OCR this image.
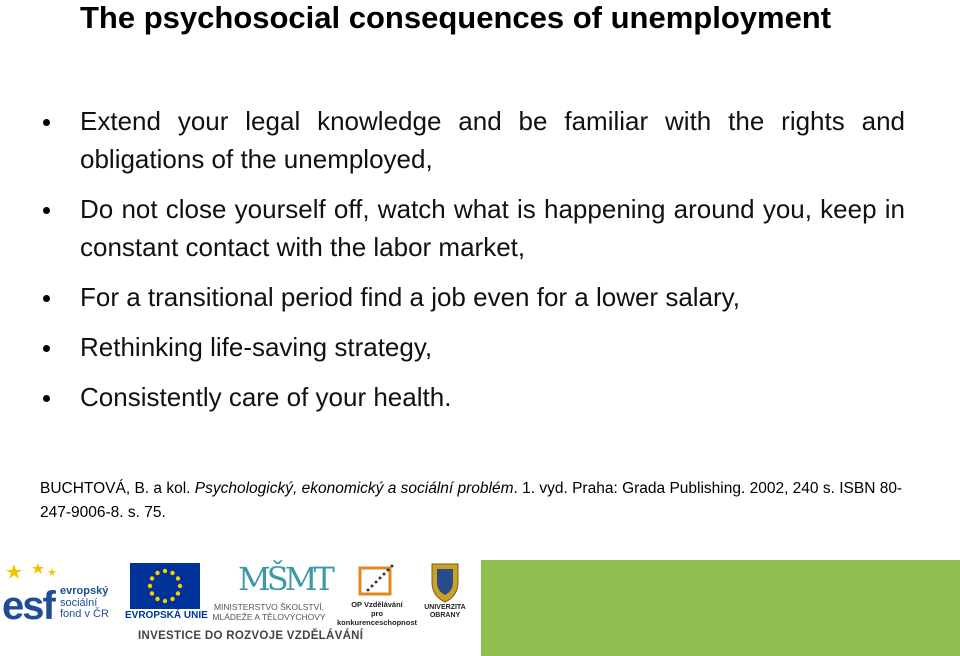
The psychosocial consequences of unemployment
Extend your legal knowledge and be familiar with the rights and obligations of the unemployed,
Do not close yourself off, watch what is happening around you, keep in constant contact with the labor market,
For a transitional period find a job even for a lower salary,
Rethinking life-saving strategy,
Consistently care of your health.
BUCHTOVÁ, B. a kol. Psychologický, ekonomický a sociální problém. 1. vyd. Praha: Grada Publishing. 2002, 240 s. ISBN 80-247-9006-8. s. 75.
esf evropský
sociální
fond v ČR EVROPSKÁ UNIE
MŠMT
MINISTERSTVO ŠKOLSTVÍ,
MLÁDEŽE A TĚLOVÝCHOVY
OP Vzdělávání
pro konkurenceschopnost
UNIVERZITA
OBRANY
INVESTICE DO ROZVOJE VZDĚLÁVÁNÍ
